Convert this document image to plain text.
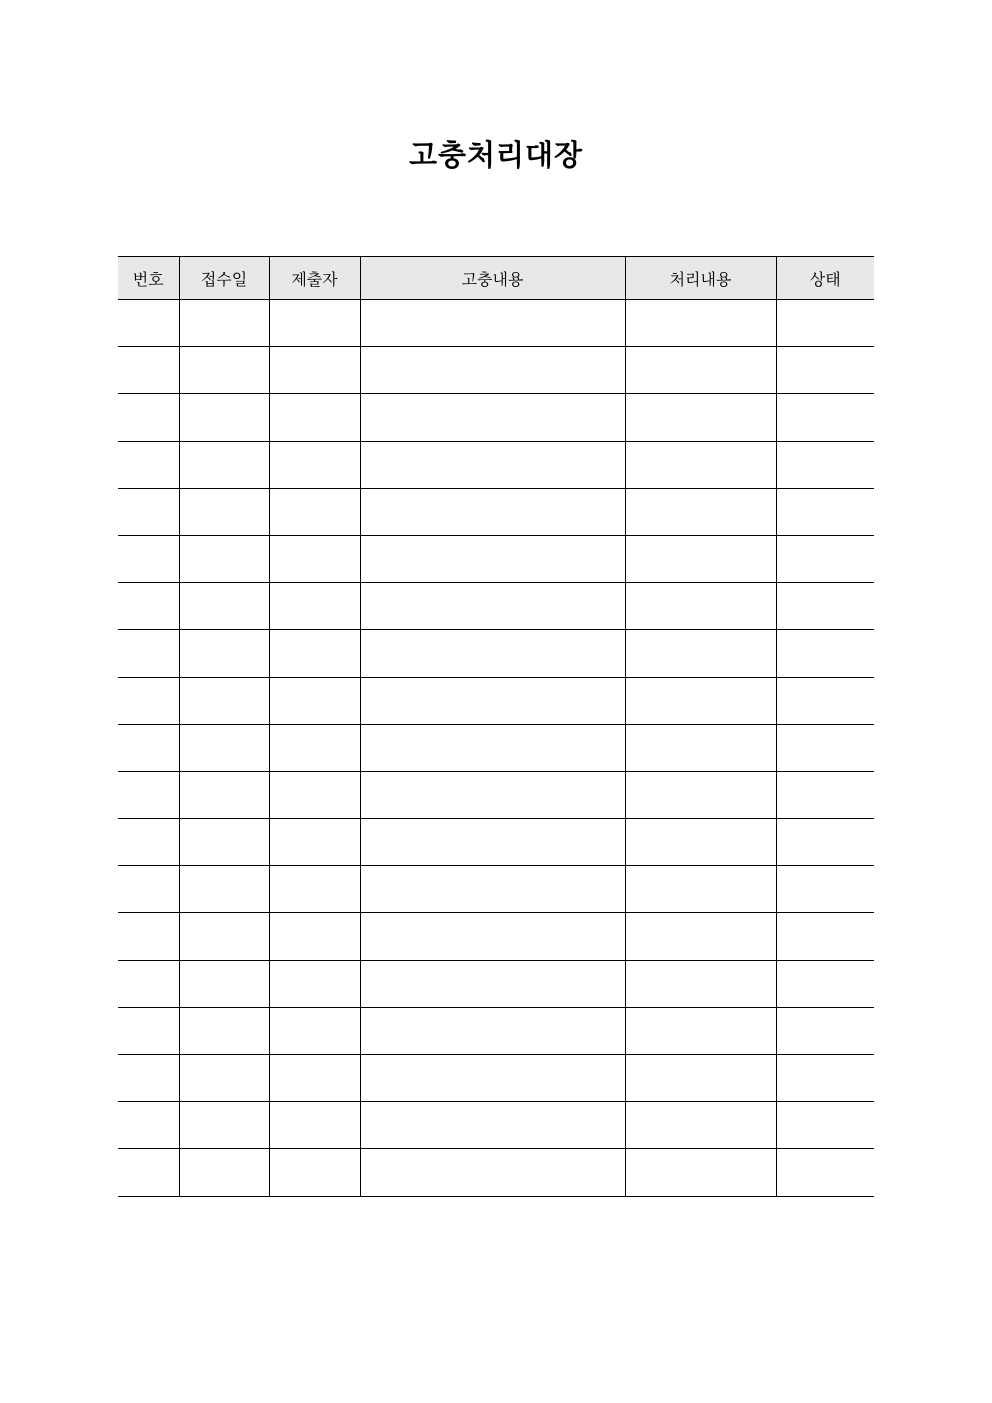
고충처리대장
번호	접수일	제출자	고충내용	처리내용	상태
